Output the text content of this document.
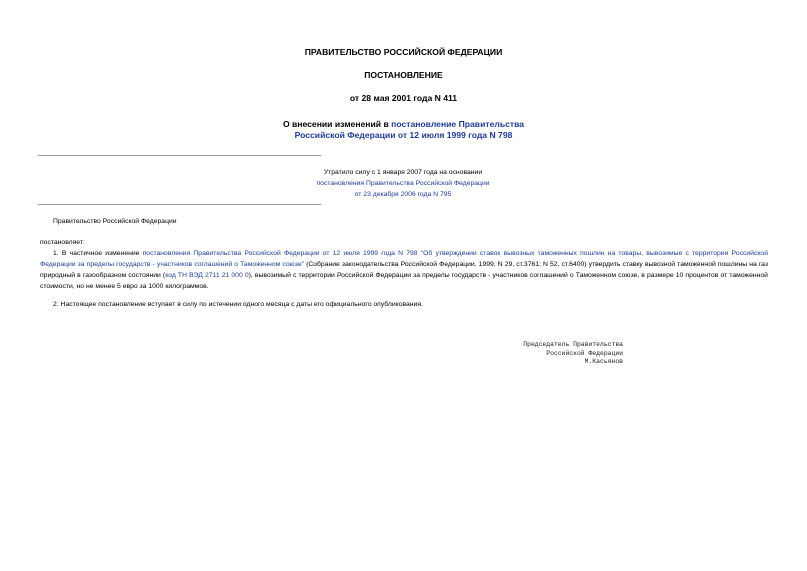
ПРАВИТЕЛЬСТВО РОССИЙСКОЙ ФЕДЕРАЦИИ
ПОСТАНОВЛЕНИЕ
от 28 мая 2001 года N 411
О внесении изменений в постановление Правительства
Российской Федерации от 12 июля 1999 года N 798
Утратило силу с 1 января 2007 года на основании
постановления Правительства Российской Федерации
от 23 декабря 2006 года N 795
Правительство Российской Федерации
постановляет:
1. В частичное изменение постановления Правительства Российской Федерации от 12 июля 1999 года N 798 "Об утверждении ставок вывозных таможенных пошлин на товары, вывозимые с территории Российской Федерации за пределы государств - участников соглашений о Таможенном союзе" (Собрание законодательства Российской Федерации, 1999, N 29, ст.3761; N 52, ст.6400) утвердить ставку вывозной таможенной пошлины на газ природный в газообразном состоянии (код ТН ВЭД 2711 21 000 0), вывозимый с территории Российской Федерации за пределы государств - участников соглашений о Таможенном союзе, в размере 10 процентов от таможенной стоимости, но не менее 5 евро за 1000 килограммов.
2. Настоящее постановление вступает в силу по истечении одного месяца с даты его официального опубликования.
Председатель Правительства
Российской Федерации
М.Касьянов
